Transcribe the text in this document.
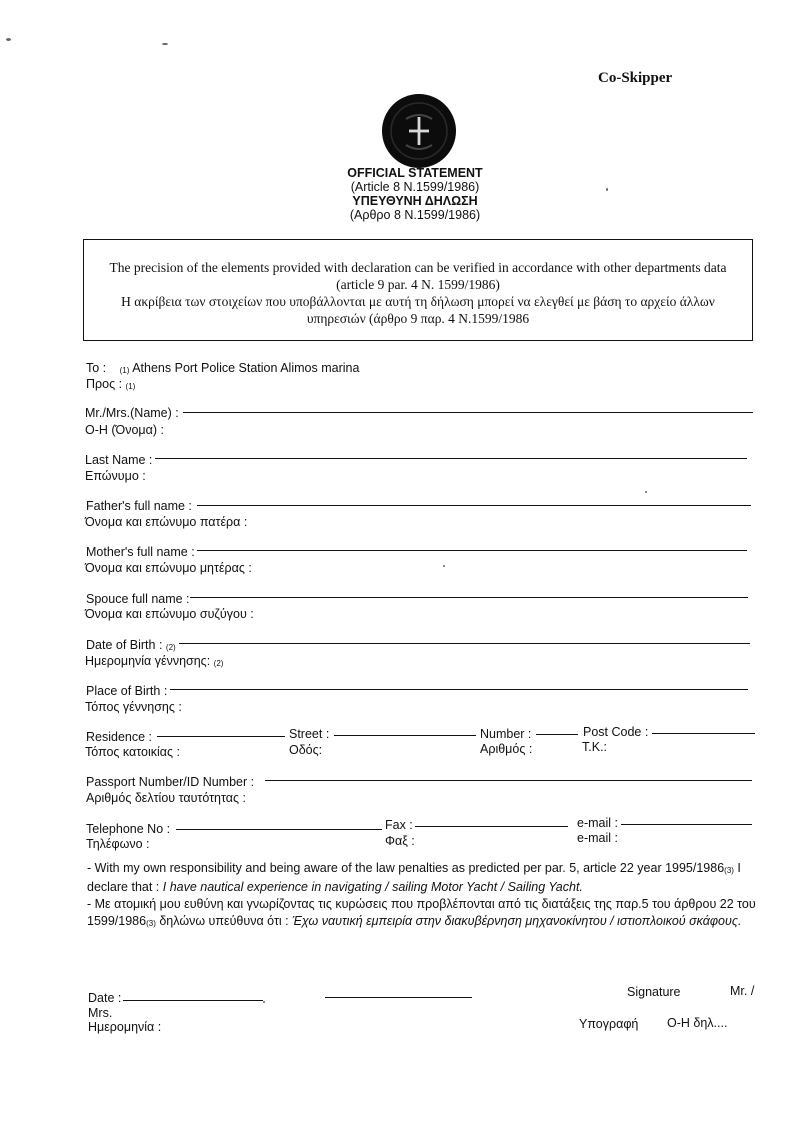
Co-Skipper
OFFICIAL STATEMENT
(Article 8 N.1599/1986)
ΥΠΕΥΘΥΝΗ ΔΗΛΩΣΗ
(Αρθρο 8 Ν.1599/1986)
The precision of the elements provided with declaration can be verified in accordance with other departments data (article 9 par. 4 N. 1599/1986)
Η ακρίβεια των στοιχείων που υποβάλλονται με αυτή τη δήλωση μπορεί να ελεγθεί με βάση το αρχείο άλλων υπηρεσιών (άρθρο 9 παρ. 4 Ν.1599/1986
To : (1) Athens Port Police Station Alimos marina
Προς : (1)
Mr./Mrs.(Name) :
Ο-Η (Όνομα) :
Last Name :
Επώνυμο :
Father's full name :
Όνομα και επώνυμο πατέρα :
Mother's full name :
Όνομα και επώνυμο μητέρας :
Spouce full name :
Όνομα και επώνυμο συζύγου :
Date of Birth : (2)
Ημερομηνία γέννησης: (2)
Place of Birth :
Τόπος γέννησης :
Residence :
Τόπος κατοικίας :
Street :
Οδός:
Number :
Αριθμός :
Post Code :
Τ.Κ.:
Passport Number/ID Number :
Αριθμός δελτίου ταυτότητας :
Telephone No :
Τηλέφωνο :
Fax :
Φαξ :
e-mail :
e-mail :
- With my own responsibility and being aware of the law penalties as predicted per par. 5, article 22 year 1995/1986(3) I declare that : I have nautical experience in navigating / sailing Motor Yacht / Sailing Yacht.
- Με ατομική μου ευθύνη και γνωρίζοντας τις κυρώσεις που προβλέπονται από τις διατάξεις της παρ.5 του άρθρου 22 του 1599/1986(3) δηλώνω υπεύθυνα ότι : Έχω ναυτική εμπειρία στην διακυβέρνηση μηχανοκίνητου / ιστιοπλοικού σκάφους.
Date :
Mrs.
Ημερομηνία :
Signature	Mr. /
Υπογραφή Ο-Η δηλ....
